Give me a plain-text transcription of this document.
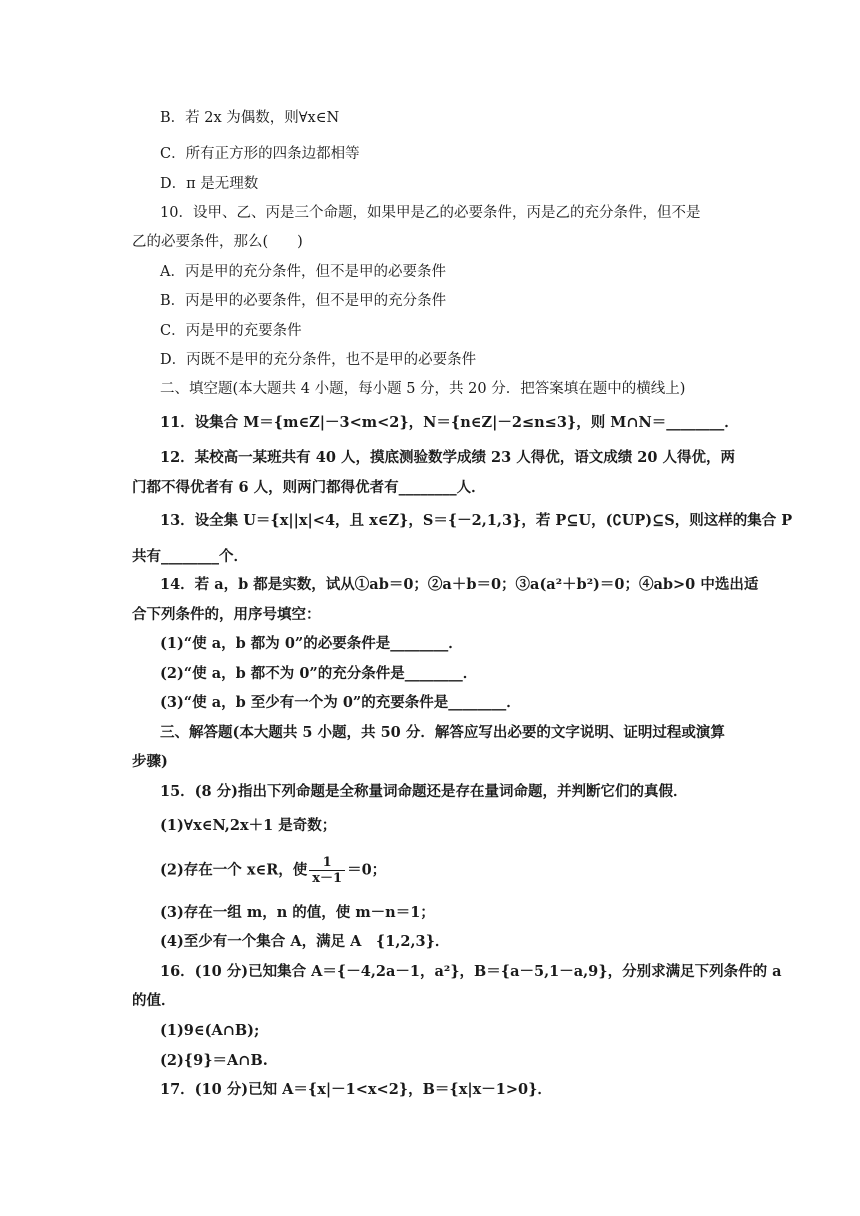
B．若 2x 为偶数，则∀x∈N
C．所有正方形的四条边都相等
D．π 是无理数
10．设甲、乙、丙是三个命题，如果甲是乙的必要条件，丙是乙的充分条件，但不是
乙的必要条件，那么(　　)
A．丙是甲的充分条件，但不是甲的必要条件
B．丙是甲的必要条件，但不是甲的充分条件
C．丙是甲的充要条件
D．丙既不是甲的充分条件，也不是甲的必要条件
二、填空题(本大题共 4 小题，每小题 5 分，共 20 分．把答案填在题中的横线上)
11．设集合 M＝{m∈Z|－3<m<2}，N＝{n∈Z|－2≤n≤3}，则 M∩N＝________．
12．某校高一某班共有 40 人，摸底测验数学成绩 23 人得优，语文成绩 20 人得优，两
门都不得优者有 6 人，则两门都得优者有________人．
13．设全集 U＝{x||x|<4，且 x∈Z}，S＝{－2,1,3}，若 P⊆U，(∁UP)⊆S，则这样的集合 P
共有________个．
14．若 a，b 都是实数，试从①ab＝0；②a＋b＝0；③a(a²＋b²)＝0；④ab>0 中选出适
合下列条件的，用序号填空：
(1)“使 a，b 都为 0”的必要条件是________．
(2)“使 a，b 都不为 0”的充分条件是________．
(3)“使 a，b 至少有一个为 0”的充要条件是________．
三、解答题(本大题共 5 小题，共 50 分．解答应写出必要的文字说明、证明过程或演算
步骤)
15．(8 分)指出下列命题是全称量词命题还是存在量词命题，并判断它们的真假．
(1)∀x∈N,2x＋1 是奇数；
(2)存在一个 x∈R，使 $\frac{1}{x-1} =0$；
(3)存在一组 m，n 的值，使 m－n＝1；
(4)至少有一个集合 A，满足 A　{1,2,3}．
16．(10 分)已知集合 A＝{－4,2a－1，a²}，B＝{a－5,1－a,9}，分别求满足下列条件的 a
的值．
(1)9∈(A∩B);
(2){9}＝A∩B.
17．(10 分)已知 A＝{x|－1<x<2}，B＝{x|x－1>0}．
